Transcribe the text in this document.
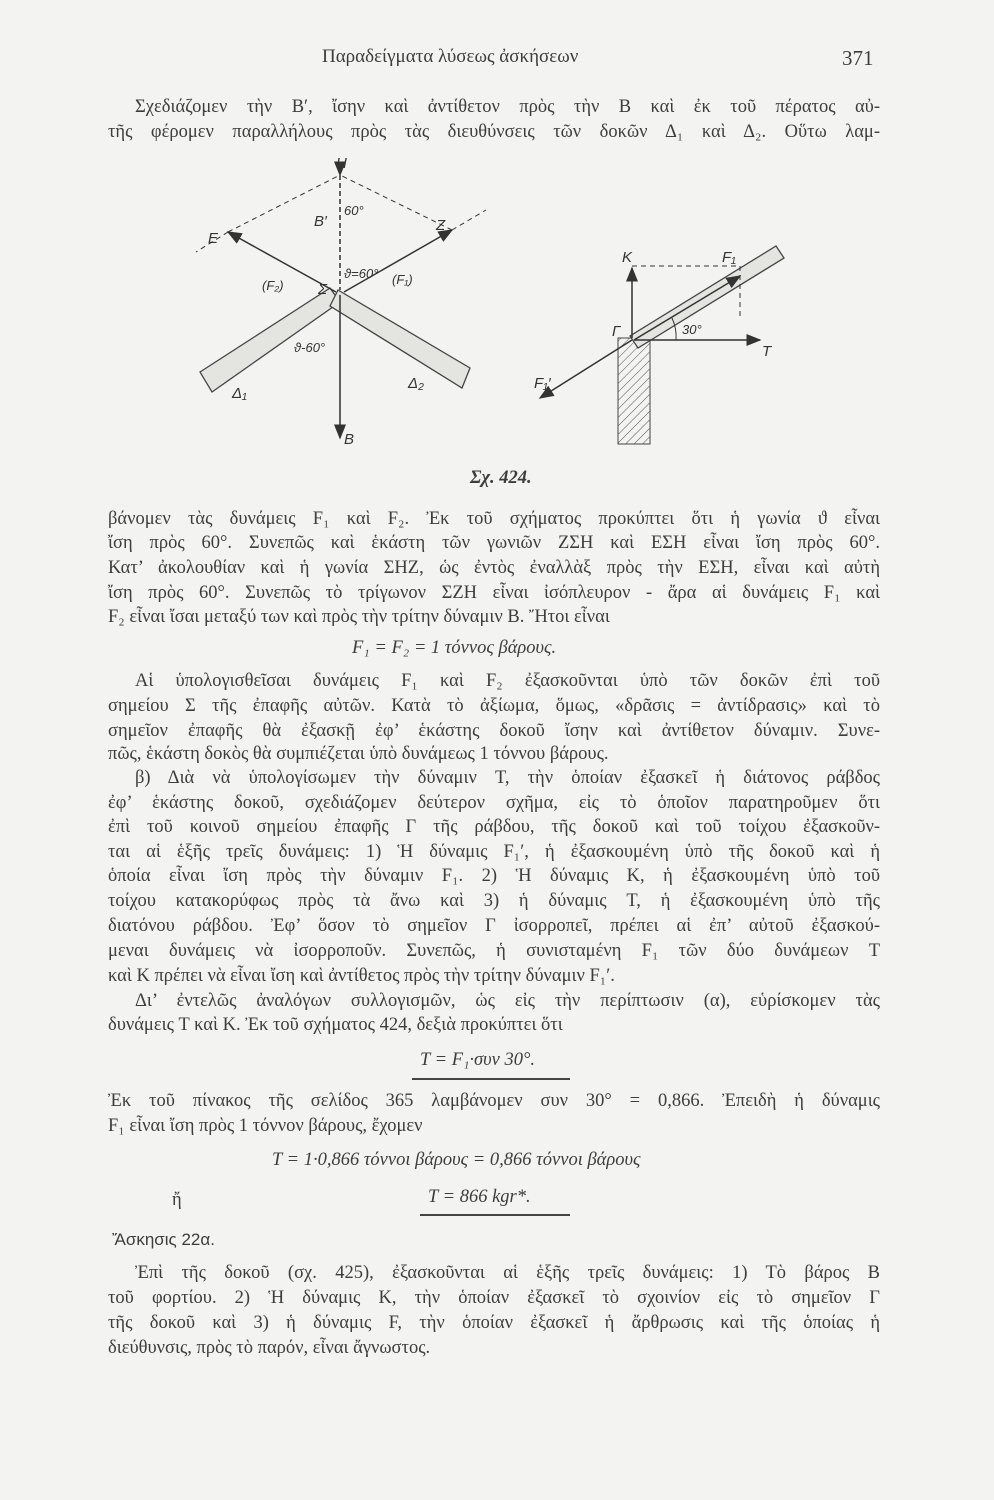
Παραδείγματα λύσεως ἀσκήσεων	371
Σχεδιάζομεν τὴν B′, ἴσην καὶ ἀντίθετον πρὸς τὴν B καὶ ἐκ τοῦ πέρατος αὐ-
τῆς φέρομεν παραλλήλους πρὸς τὰς διευθύνσεις τῶν δοκῶν Δ₁ καὶ Δ₂. Οὕτω λαμ-
H
E
Z
B′
60°
ϑ=60°
(F₂)	(F₁)
Σ
ϑ-60°
Δ₁
Δ₂
B
K	F₁
Γ	30°
T
F₁′
Σχ. 424.
βάνομεν τὰς δυνάμεις F₁ καὶ F₂. Ἐκ τοῦ σχήματος προκύπτει ὅτι ἡ γωνία ϑ εἶναι
ἴση πρὸς 60°. Συνεπῶς καὶ ἑκάστη τῶν γωνιῶν ΖΣΗ καὶ ΕΣΗ εἶναι ἴση πρὸς 60°.
Κατ’ ἀκολουθίαν καὶ ἡ γωνία ΣΗΖ, ὡς ἐντὸς ἐναλλὰξ πρὸς τὴν ΕΣΗ, εἶναι καὶ αὐτὴ
ἴση πρὸς 60°. Συνεπῶς τὸ τρίγωνον ΣΖΗ εἶναι ἰσόπλευρον - ἄρα αἱ δυνάμεις F₁ καὶ
F₂ εἶναι ἴσαι μεταξύ των καὶ πρὸς τὴν τρίτην δύναμιν B. Ἤτοι εἶναι
F₁ = F₂ = 1 τόννος βάρους.
Αἱ ὑπολογισθεῖσαι δυνάμεις F₁ καὶ F₂ ἐξασκοῦνται ὑπὸ τῶν δοκῶν ἐπὶ τοῦ
σημείου Σ τῆς ἐπαφῆς αὐτῶν. Κατὰ τὸ ἀξίωμα, ὅμως, «δρᾶσις = ἀντίδρασις» καὶ τὸ
σημεῖον ἐπαφῆς θὰ ἐξασκῇ ἐφ’ ἑκάστης δοκοῦ ἴσην καὶ ἀντίθετον δύναμιν. Συνε-
πῶς, ἑκάστη δοκὸς θὰ συμπιέζεται ὑπὸ δυνάμεως 1 τόννου βάρους.
β) Διὰ νὰ ὑπολογίσωμεν τὴν δύναμιν T, τὴν ὁποίαν ἐξασκεῖ ἡ διάτονος ράβδος
ἐφ’ ἑκάστης δοκοῦ, σχεδιάζομεν δεύτερον σχῆμα, εἰς τὸ ὁποῖον παρατηροῦμεν ὅτι
ἐπὶ τοῦ κοινοῦ σημείου ἐπαφῆς Γ τῆς ράβδου, τῆς δοκοῦ καὶ τοῦ τοίχου ἐξασκοῦν-
ται αἱ ἑξῆς τρεῖς δυνάμεις: 1) Ἡ δύναμις F₁′, ἡ ἐξασκουμένη ὑπὸ τῆς δοκοῦ καὶ ἡ
ὁποία εἶναι ἴση πρὸς τὴν δύναμιν F₁. 2) Ἡ δύναμις K, ἡ ἐξασκουμένη ὑπὸ τοῦ
τοίχου κατακορύφως πρὸς τὰ ἄνω καὶ 3) ἡ δύναμις T, ἡ ἐξασκουμένη ὑπὸ τῆς
διατόνου ράβδου. Ἐφ’ ὅσον τὸ σημεῖον Γ ἰσορροπεῖ, πρέπει αἱ ἐπ’ αὐτοῦ ἐξασκού-
μεναι δυνάμεις νὰ ἰσορροποῦν. Συνεπῶς, ἡ συνισταμένη F₁ τῶν δύο δυνάμεων T
καὶ K πρέπει νὰ εἶναι ἴση καὶ ἀντίθετος πρὸς τὴν τρίτην δύναμιν F₁′.
Δι’ ἐντελῶς ἀναλόγων συλλογισμῶν, ὡς εἰς τὴν περίπτωσιν (α), εὑρίσκομεν τὰς
δυνάμεις T καὶ K. Ἐκ τοῦ σχήματος 424, δεξιὰ προκύπτει ὅτι
T = F₁·συν 30°.
Ἐκ τοῦ πίνακος τῆς σελίδος 365 λαμβάνομεν συν 30° = 0,866. Ἐπειδὴ ἡ δύναμις
F₁ εἶναι ἴση πρὸς 1 τόννον βάρους, ἔχομεν
T = 1·0,866 τόννοι βάρους = 0,866 τόννοι βάρους
ἤ	T = 866 kgr*.
Ἄσκησις 22α.
Ἐπὶ τῆς δοκοῦ (σχ. 425), ἐξασκοῦνται αἱ ἑξῆς τρεῖς δυνάμεις: 1) Τὸ βάρος B
τοῦ φορτίου. 2) Ἡ δύναμις K, τὴν ὁποίαν ἐξασκεῖ τὸ σχοινίον εἰς τὸ σημεῖον Γ
τῆς δοκοῦ καὶ 3) ἡ δύναμις F, τὴν ὁποίαν ἐξασκεῖ ἡ ἄρθρωσις καὶ τῆς ὁποίας ἡ
διεύθυνσις, πρὸς τὸ παρόν, εἶναι ἄγνωστος.
